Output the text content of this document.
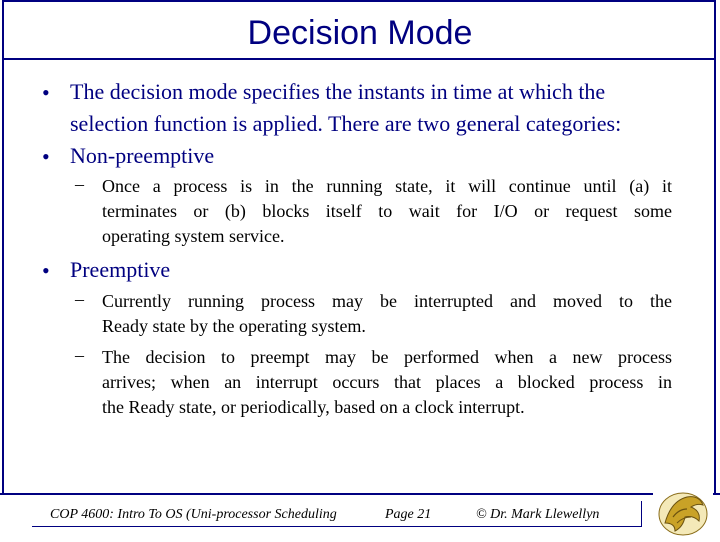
Decision Mode
• The decision mode specifies the instants in time at which the
selection function is applied. There are two general categories:
• Non-preemptive
– Once a process is in the running state, it will continue until (a) it
terminates or (b) blocks itself to wait for I/O or request some
operating system service.
• Preemptive
– Currently running process may be interrupted and moved to the
Ready state by the operating system.
– The decision to preempt may be performed when a new process
arrives; when an interrupt occurs that places a blocked process in
the Ready state, or periodically, based on a clock interrupt.
COP 4600: Intro To OS (Uni-processor Scheduling	Page 21	© Dr. Mark Llewellyn
